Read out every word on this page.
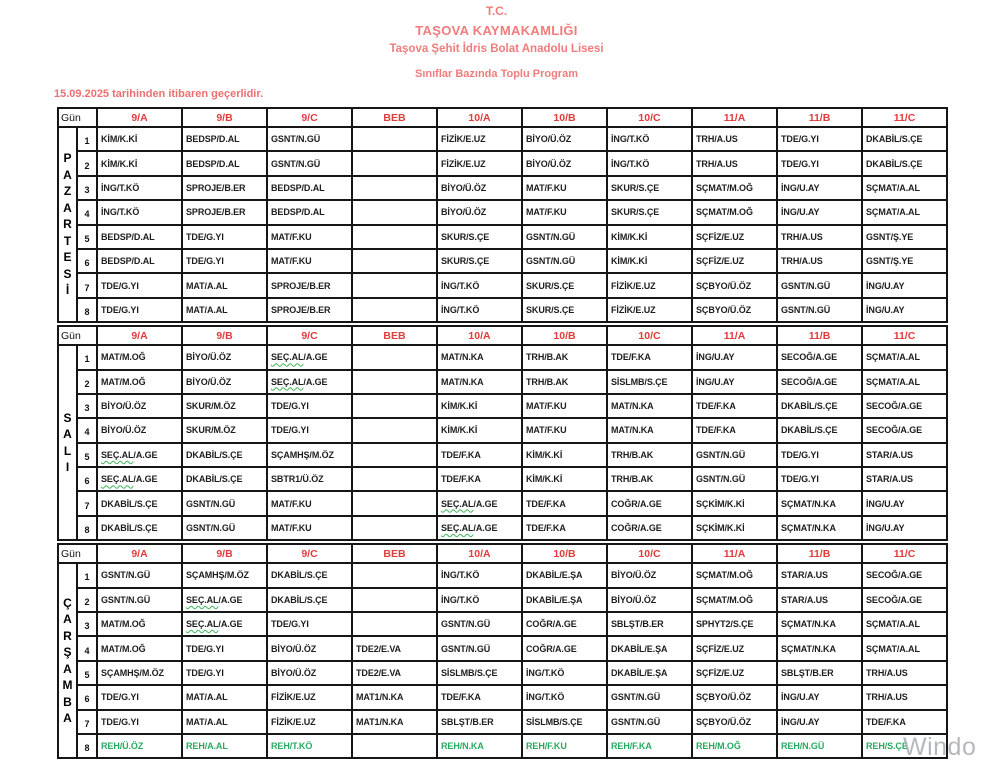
T.C.
TAŞOVA KAYMAKAMLIĞI
Taşova Şehit İdris Bolat Anadolu Lisesi
Sınıflar Bazında Toplu Program
15.09.2025 tarihinden itibaren geçerlidir.
Gün		9/A	9/B	9/C	BEB	10/A	10/B	10/C	11/A	11/B	11/C

P
A
Z
A
R
T
E
S
İ
	1	KİM/K.Kİ	BEDSP/D.AL	GSNT/N.GÜ		FİZİK/E.UZ	BİYO/Ü.ÖZ	İNG/T.KÖ	TRH/A.US	TDE/G.YI	DKABİL/S.ÇE
	2	KİM/K.Kİ	BEDSP/D.AL	GSNT/N.GÜ		FİZİK/E.UZ	BİYO/Ü.ÖZ	İNG/T.KÖ	TRH/A.US	TDE/G.YI	DKABİL/S.ÇE
	3	İNG/T.KÖ	SPROJE/B.ER	BEDSP/D.AL		BİYO/Ü.ÖZ	MAT/F.KU	SKUR/S.ÇE	SÇMAT/M.OĞ	İNG/U.AY	SÇMAT/A.AL
	4	İNG/T.KÖ	SPROJE/B.ER	BEDSP/D.AL		BİYO/Ü.ÖZ	MAT/F.KU	SKUR/S.ÇE	SÇMAT/M.OĞ	İNG/U.AY	SÇMAT/A.AL
	5	BEDSP/D.AL	TDE/G.YI	MAT/F.KU		SKUR/S.ÇE	GSNT/N.GÜ	KİM/K.Kİ	SÇFİZ/E.UZ	TRH/A.US	GSNT/Ş.YE
	6	BEDSP/D.AL	TDE/G.YI	MAT/F.KU		SKUR/S.ÇE	GSNT/N.GÜ	KİM/K.Kİ	SÇFİZ/E.UZ	TRH/A.US	GSNT/Ş.YE
	7	TDE/G.YI	MAT/A.AL	SPROJE/B.ER		İNG/T.KÖ	SKUR/S.ÇE	FİZİK/E.UZ	SÇBYO/Ü.ÖZ	GSNT/N.GÜ	İNG/U.AY
	8	TDE/G.YI	MAT/A.AL	SPROJE/B.ER		İNG/T.KÖ	SKUR/S.ÇE	FİZİK/E.UZ	SÇBYO/Ü.ÖZ	GSNT/N.GÜ	İNG/U.AY
Gün		9/A	9/B	9/C	BEB	10/A	10/B	10/C	11/A	11/B	11/C

S
A
L
I	1	MAT/M.OĞ	BİYO/Ü.ÖZ	SEÇ.AL/A.GE		MAT/N.KA	TRH/B.AK	TDE/F.KA	İNG/U.AY	SECOĞ/A.GE	SÇMAT/A.AL
	2	MAT/M.OĞ	BİYO/Ü.ÖZ	SEÇ.AL/A.GE		MAT/N.KA	TRH/B.AK	SİSLMB/S.ÇE	İNG/U.AY	SECOĞ/A.GE	SÇMAT/A.AL
	3	BİYO/Ü.ÖZ	SKUR/M.ÖZ	TDE/G.YI		KİM/K.Kİ	MAT/F.KU	MAT/N.KA	TDE/F.KA	DKABİL/S.ÇE	SECOĞ/A.GE
	4	BİYO/Ü.ÖZ	SKUR/M.ÖZ	TDE/G.YI		KİM/K.Kİ	MAT/F.KU	MAT/N.KA	TDE/F.KA	DKABİL/S.ÇE	SECOĞ/A.GE
	5	SEÇ.AL/A.GE	DKABİL/S.ÇE	SÇAMHŞ/M.ÖZ		TDE/F.KA	KİM/K.Kİ	TRH/B.AK	GSNT/N.GÜ	TDE/G.YI	STAR/A.US
	6	SEÇ.AL/A.GE	DKABİL/S.ÇE	SBTR1/Ü.ÖZ		TDE/F.KA	KİM/K.Kİ	TRH/B.AK	GSNT/N.GÜ	TDE/G.YI	STAR/A.US
	7	DKABİL/S.ÇE	GSNT/N.GÜ	MAT/F.KU		SEÇ.AL/A.GE	TDE/F.KA	COĞR/A.GE	SÇKİM/K.Kİ	SÇMAT/N.KA	İNG/U.AY
	8	DKABİL/S.ÇE	GSNT/N.GÜ	MAT/F.KU		SEÇ.AL/A.GE	TDE/F.KA	COĞR/A.GE	SÇKİM/K.Kİ	SÇMAT/N.KA	İNG/U.AY
Gün		9/A	9/B	9/C	BEB	10/A	10/B	10/C	11/A	11/B	11/C

Ç
A
R
Ş
A
M
B
A
	1	GSNT/N.GÜ	SÇAMHŞ/M.ÖZ	DKABİL/S.ÇE		İNG/T.KÖ	DKABİL/E.ŞA	BİYO/Ü.ÖZ	SÇMAT/M.OĞ	STAR/A.US	SECOĞ/A.GE
	2	GSNT/N.GÜ	SEÇ.AL/A.GE	DKABİL/S.ÇE		İNG/T.KÖ	DKABİL/E.ŞA	BİYO/Ü.ÖZ	SÇMAT/M.OĞ	STAR/A.US	SECOĞ/A.GE
	3	MAT/M.OĞ	SEÇ.AL/A.GE	TDE/G.YI		GSNT/N.GÜ	COĞR/A.GE	SBLŞT/B.ER	SPHYT2/S.ÇE	SÇMAT/N.KA	SÇMAT/A.AL
	4	MAT/M.OĞ	TDE/G.YI	BİYO/Ü.ÖZ	TDE2/E.VA	GSNT/N.GÜ	COĞR/A.GE	DKABİL/E.ŞA	SÇFİZ/E.UZ	SÇMAT/N.KA	SÇMAT/A.AL
	5	SÇAMHŞ/M.ÖZ	TDE/G.YI	BİYO/Ü.ÖZ	TDE2/E.VA	SİSLMB/S.ÇE	İNG/T.KÖ	DKABİL/E.ŞA	SÇFİZ/E.UZ	SBLŞT/B.ER	TRH/A.US
	6	TDE/G.YI	MAT/A.AL	FİZİK/E.UZ	MAT1/N.KA	TDE/F.KA	İNG/T.KÖ	GSNT/N.GÜ	SÇBYO/Ü.ÖZ	İNG/U.AY	TRH/A.US
	7	TDE/G.YI	MAT/A.AL	FİZİK/E.UZ	MAT1/N.KA	SBLŞT/B.ER	SİSLMB/S.ÇE	GSNT/N.GÜ	SÇBYO/Ü.ÖZ	İNG/U.AY	TDE/F.KA
	8	REH/Ü.ÖZ	REH/A.AL	REH/T.KÖ		REH/N.KA	REH/F.KU	REH/F.KA	REH/M.OĞ	REH/N.GÜ	REH/S.ÇE
Windo
